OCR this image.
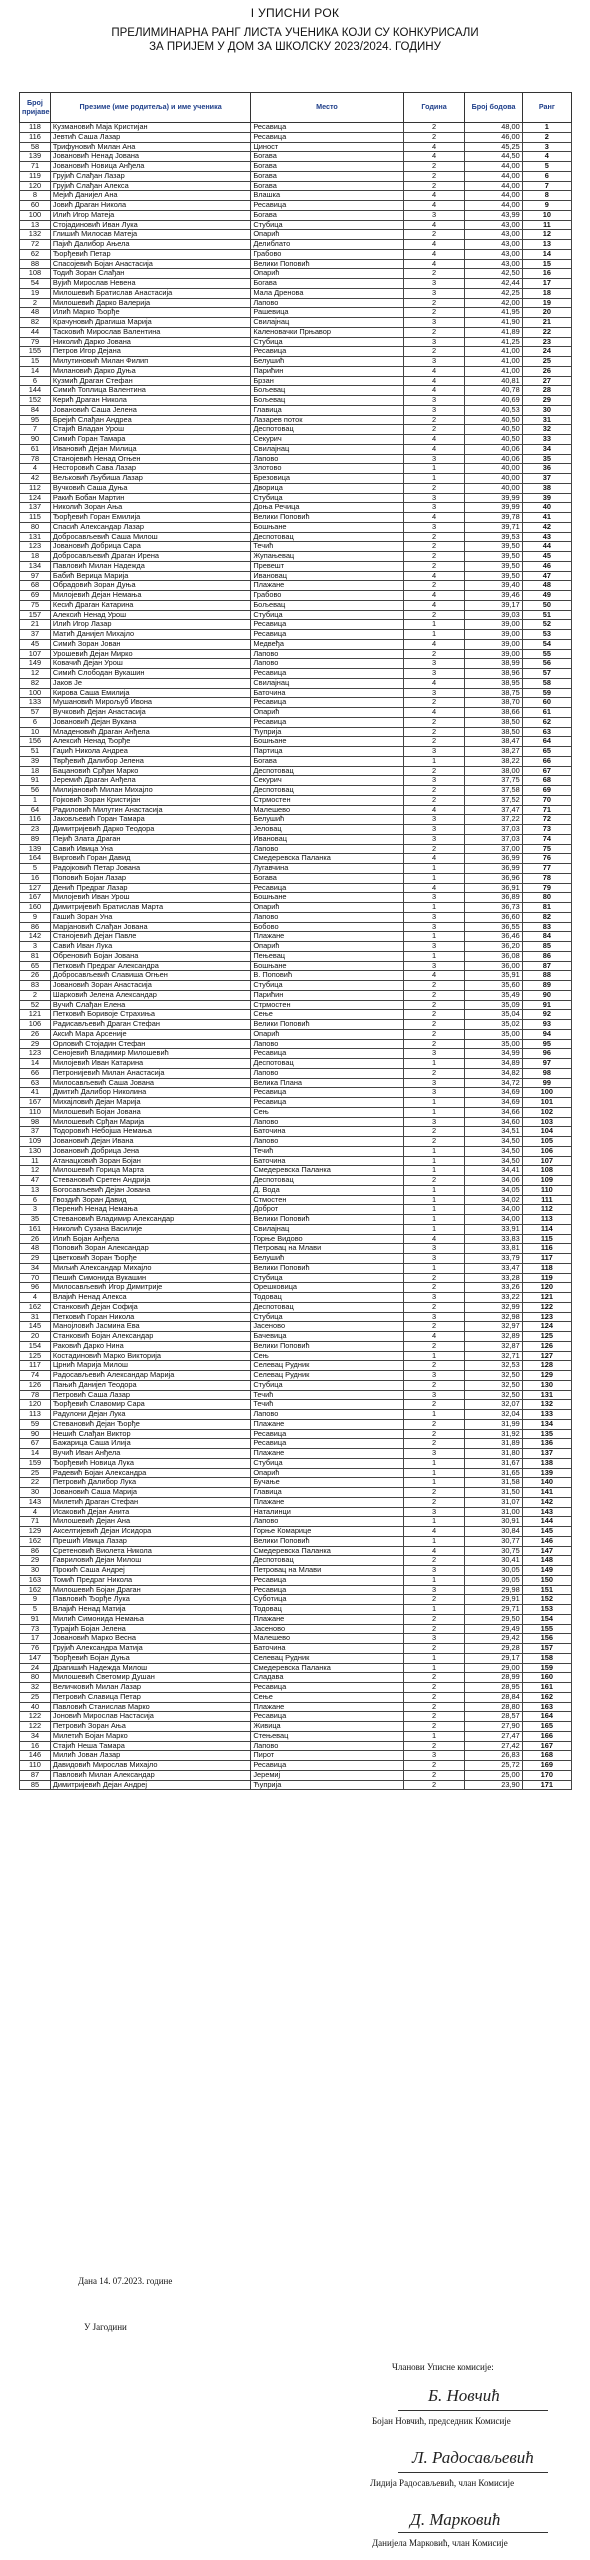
I УПИСНИ РОК
ПРЕЛИМИНАРНА РАНГ ЛИСТА УЧЕНИКА КОЈИ СУ КОНКУРИСАЛИ
ЗА ПРИЈЕМ У ДОМ ЗА ШКОЛСКУ 2023/2024. ГОДИНУ
Број пријаве	Презиме (име родитеља) и име ученика	Место	Година	Број бодова	Ранг
118	Кузмановић Маја Кристијан	Ресавица	2	48,00	1
116	Јевтић Саша Лазар	Ресавица	2	46,00	2
58	Трифуновић Милан Ана	Циност	4	45,25	3
139	Јовановић Ненад Јована	Богава	4	44,50	4
71	Јовановић Новица Анђела	Богава	2	44,00	5
119	Грујић Слађан Лазар	Богава	2	44,00	6
120	Грујић Слађан Алекса	Богава	2	44,00	7
8	Мејић Данијел Ана	Влашка	4	44,00	8
60	Јовић Драган Никола	Ресавица	4	44,00	9
100	Илић Игор Матеја	Богава	3	43,99	10
13	Стојадиновић Иван Лука	Стубица	4	43,00	11
132	Глишић Милосав Матеја	Опарић	2	43,00	12
72	Пајић Далибор Ањела	Делиблато	4	43,00	13
62	Ђорђевић Петар	Грабово	4	43,00	14
88	Спасојевић Бојан Анастасија	Велики Поповић	4	43,00	15
108	Тодић Зоран Слађан	Опарић	2	42,50	16
54	Вујић Мирослав Невена	Богава	3	42,44	17
19	Милошевић Братислав Анастасија	Мала Дренова	3	42,25	18
2	Милошевић Дарко Валерија	Лапово	2	42,00	19
48	Илић Марко Ђорђе	Рашевица	2	41,95	20
82	Крачуновић Драгиша Марија	Свилајнац	3	41,90	21
44	Тасковић Мирослав Валентина	Каленовачки Прњавор	2	41,89	22
79	Николић Дарко Јована	Стубица	3	41,25	23
155	Петров Игор Дејана	Ресавица	2	41,00	24
15	Милутиновић Милан Филип	Белушић	3	41,00	25
14	Милановић Дарко Дуња	Парићин	4	41,00	26
6	Кузмић Драган Стефан	Брзан	4	40,81	27
144	Симић Топлица Валентина	Бољевац	4	40,78	28
152	Керић Драган Никола	Бољевац	3	40,69	29
84	Јовановић Саша Јелена	Главица	3	40,53	30
95	Брејић Слађан Андреа	Лазарев поток	2	40,50	31
7	Стајић Владан Урош	Деспотовац	2	40,50	32
90	Симић Горан Тамара	Секурич	4	40,50	33
61	Ивановић Дејан Милица	Свилајнац	4	40,06	34
78	Станојевић Ненад Огњен	Лапово	3	40,06	35
4	Несторовић Сава Лазар	Злотово	1	40,00	36
42	Вељковић Љубиша Лазар	Брезовица	1	40,00	37
112	Вучковић Саша Дуња	Дворица	2	40,00	38
124	Ракић Бобан Мартин	Стубица	3	39,99	39
137	Николић Зоран Ања	Доња Речица	3	39,99	40
115	Ђорђевић Горан Емилија	Велики Поповић	4	39,78	41
80	Спасић Александар Лазар	Бошњане	3	39,71	42
131	Добросављевић Саша Милош	Деспотовац	2	39,53	43
123	Јовановић Добрица Сара	Течић	2	39,50	44
18	Добросављевић Драган Ирена	Жупањевац	2	39,50	45
134	Павловић Милан Надежда	Превешт	2	39,50	46
97	Бабић Верица Марија	Ивановац	4	39,50	47
68	Обрадовић Зоран Дуња	Плажане	2	39,40	48
69	Милојевић Дејан Немања	Грабово	4	39,46	49
75	Кесић Драган Катарина	Бољевац	4	39,17	50
157	Алексић Ненад Урош	Стубица	2	39,03	51
21	Илић Игор Лазар	Ресавица	1	39,00	52
37	Матић Данијел Михајло	Ресавица	1	39,00	53
45	Симић Зоран Јован	Медвеђа	4	39,00	54
107	Урошевић Дејан Мирко	Лапово	2	39,00	55
149	Ковачић Дејан Урош	Лапово	3	38,99	56
12	Симић Слободан Вукашин	Ресавица	3	38,96	57
82	Јаков Је	Свилајнац	4	38,95	58
100	Кирова Саша Емилија	Баточина	3	38,75	59
133	Мушановић Мирољуб Ивона	Ресавица	2	38,70	60
57	Вучковић Дејан Анастасија	Опарић	4	38,66	61
6	Јовановић Дејан Вукана	Ресавица	2	38,50	62
10	Младеновић Драган Анђела	Ћуприја	2	38,50	63
156	Алексић Ненад Ђорђе	Бошњане	2	38,47	64
51	Гаџић Никола Андреа	Партица	3	38,27	65
39	Тврђевић Далибор Јелена	Богава	1	38,22	66
18	Бацановић Срђан Марко	Деспотовац	2	38,00	67
91	Јеремић Драган Анђела	Секурич	3	37,75	68
56	Милијановић Милан Михајло	Деспотовац	2	37,58	69
1	Гојковић Зоран Кристијан	Стрмостен	2	37,52	70
64	Радиловић Милутин Анастасија	Малешево	4	37,47	71
116	Јаковљевић Горан Тамара	Белушић	3	37,22	72
23	Димитријевић Дарко Теодора	Јеловац	3	37,03	73
89	Пејић Злата Драган	Ивановац	3	37,03	74
139	Савић Ивица Уна	Лапово	2	37,00	75
164	Вирговић Горан Давид	Смедеревска Паланка	4	36,99	76
5	Радојковић Петар Јована	Лугавчина	1	36,99	77
16	Поповић Бојан Лазар	Богава	1	36,96	78
127	Денић Предраг Лазар	Ресавица	4	36,91	79
167	Милојевић Иван Урош	Бошњане	3	36,89	80
160	Димитријевић Братислав Марта	Опарић	1	36,73	81
9	Гашић Зоран Уна	Лапово	3	36,60	82
86	Марјановић Слађан Јована	Бобово	3	36,55	83
142	Станојевић Дејан Павле	Плажане	1	36,46	84
3	Савић Иван Лука	Опарић	3	36,20	85
81	Обреновић Бојан Јована	Пењевац	1	36,08	86
65	Петковић Предраг Александра	Бошњане	3	36,00	87
26	Добросављевић Славиша Огњен	В. Поповић	4	35,91	88
83	Јовановић Зоран Анастасија	Стубица	2	35,60	89
2	Шарковић Јелена Александар	Парићин	2	35,49	90
52	Вучић Слађан Елена	Стрмостен	2	35,09	91
121	Петковић Боривоје Страхиња	Сење	2	35,04	92
106	Радисављевић Драган Стефан	Велики Поповић	2	35,02	93
26	Аксић Мара Арсеније	Опарић	2	35,00	94
29	Орловић Стојадин Стефан	Лапово	2	35,00	95
123	Сенојевић Владимир Милошевић	Ресавица	3	34,99	96
14	Милојевић Иван Катарина	Деспотовац	1	34,89	97
66	Петронијевић Милан Анастасија	Лапово	2	34,82	98
63	Милосављевић Саша Јована	Велика Плана	3	34,72	99
41	Дмитић Далибор Николина	Ресавица	3	34,69	100
167	Михајловић Дејан Марија	Ресавица	1	34,69	101
110	Милошевић Бојан Јована	Сењ	1	34,66	102
98	Милошевић Срђан Марија	Лапово	3	34,60	103
37	Тодоровић Небојша Немања	Баточина	2	34,51	104
109	Јовановић Дејан Ивана	Лапово	2	34,50	105
130	Јовановић Добрица Јена	Течић	1	34,50	106
11	Атанацковић Зоран Бојан	Баточина	1	34,50	107
12	Милошевић Горица Марта	Смедеревска Паланка	1	34,41	108
47	Стевановић Сретен Андрија	Деспотовац	2	34,06	109
13	Богосављевић Дејан Јована	Д. Вода	1	34,05	110
6	Гвоздић Зоран Давид	Стмостен	1	34,02	111
3	Перенић Ненад Немања	Доброт	1	34,00	112
35	Стевановић Владимир Александар	Велики Поповић	1	34,00	113
161	Николић Сузана Василије	Свилајнац	1	33,91	114
26	Илић Бојан Анђела	Горње Видово	4	33,83	115
48	Поповић Зоран Александар	Петровац на Млави	3	33,81	116
29	Цветковић Зоран Ђорђе	Белушић	3	33,79	117
34	Миљић Александар Михајло	Велики Поповић	1	33,47	118
70	Пешић Симонида Вукашин	Стубица	2	33,28	119
96	Милосављевић Игор Димитрије	Орешковица	2	33,26	120
4	Влајић Ненад Алекса	Тодовац	3	33,22	121
162	Станковић Дејан Софија	Деспотовац	2	32,99	122
31	Петковић Горан Никола	Стубица	3	32,98	123
145	Манојловић Јасмина Ева	Јасеново	2	32,97	124
20	Станковић Бојан Александар	Бачевица	4	32,89	125
154	Раковић Дарко Нина	Велики Поповић	2	32,87	126
125	Костадиновић Марко Викторија	Сењ	1	32,71	127
117	Црнић Марија Милош	Селевац Рудник	2	32,53	128
74	Радосављевић Александар Марија	Селевац Рудник	3	32,50	129
126	Пањић Данијел Теодора	Стубица	2	32,50	130
78	Петровић Саша Лазар	Течић	3	32,50	131
120	Ђорђевић Славомир Сара	Течић	2	32,07	132
113	Радулони Дејан Лука	Лапово	1	32,04	133
59	Стевановић Дејан Ђорђе	Плажане	2	31,99	134
90	Нешић Слађан Виктор	Ресавица	2	31,92	135
67	Бажарица Саша Илија	Ресавица	2	31,89	136
14	Вучић Иван Анђела	Плажане	3	31,80	137
159	Ђорђевић Новица Лука	Стубица	1	31,67	138
25	Радевић Бојан Александра	Опарић	1	31,65	139
22	Петровић Далибор Лука	Бучање	1	31,58	140
30	Јовановић Саша Марија	Главица	2	31,50	141
143	Милетић Драган Стефан	Плажане	2	31,07	142
4	Исаковић Дејан Анита	Наталинци	3	31,00	143
71	Милошевић Дејан Ана	Лапово	1	30,91	144
129	Акселтијевић Дејан Исидора	Горње Комарице	4	30,84	145
162	Прешић Ивица Лазар	Велики Поповић	1	30,77	146
86	Сретеновић Виолета Никола	Смедеревска Паланка	4	30,75	147
29	Гавриловић Дејан Милош	Деспотовац	2	30,41	148
30	Прокић Саша Андреј	Петровац на Млави	3	30,05	149
163	Томић Предраг Никола	Ресавица	1	30,05	150
162	Милошевић Бојан Драган	Ресавица	3	29,98	151
9	Павловић Ђорђе Лука	Суботица	2	29,91	152
5	Влајић Ненад Матија	Тодовац	1	29,71	153
91	Милић Симонида Немања	Плажане	2	29,50	154
73	Турајић Бојан Јелена	Јасеново	2	29,49	155
17	Јовановић Марко Весна	Малешево	3	29,42	156
76	Грујић Александра Матија	Баточина	2	29,28	157
147	Ђорђевић Бојан Дуња	Селевац Рудник	1	29,17	158
24	Драгишић Надежда Милош	Смедеревска Паланка	1	29,00	159
80	Милошевић Светомир Душан	Сладава	2	28,99	160
32	Величковић Милан Лазар	Ресавица	2	28,95	161
25	Петровић Славица Петар	Сење	2	28,84	162
40	Павловић Станислав Марко	Плажане	2	28,80	163
122	Јоновић Мирослав Настасија	Ресавица	2	28,57	164
122	Петровић Зоран Ања	Живица	2	27,90	165
34	Милетић Бојан Марко	Стењевац	1	27,47	166
16	Стајић Нешa Тамара	Лапово	2	27,42	167
146	Милић Јован Лазар	Пирот	3	26,83	168
110	Давидовић Мирослав Михајло	Ресавица	2	25,72	169
87	Павловић Милан Александар	Јеремиј	2	25,00	170
85	Димитријевић Дејан Андреј	Ћуприја	2	23,90	171
Дана 14. 07.2023. године
У Јагодини
Чланови Уписне комисије:
Б. Новчић
Бојан Новчић, председник Комисије
Л. Радосављевић
Лидија Радосављевић, члан Комисије
Д. Марковић
Данијела Марковић, члан Комисије
